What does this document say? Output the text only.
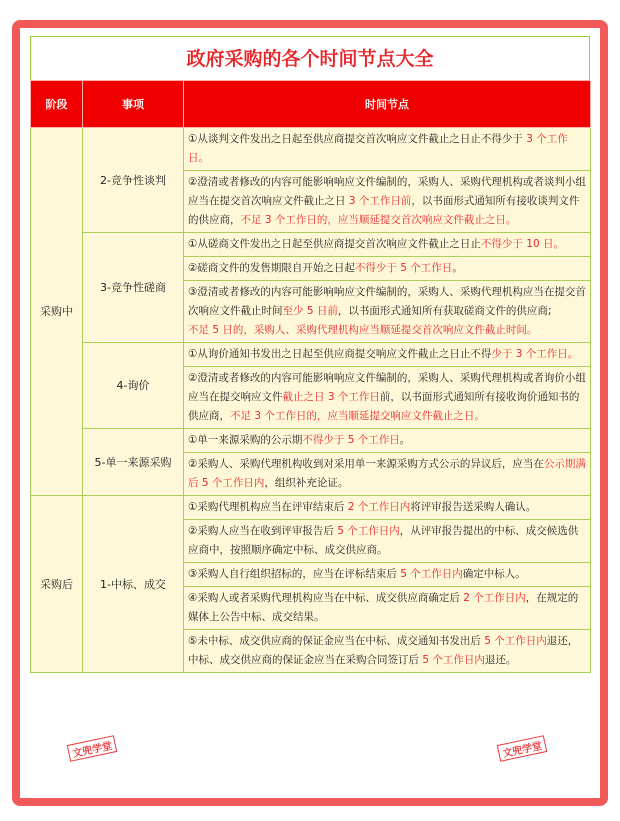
政府采购的各个时间节点大全
阶段	事项	时间节点
采购中	2-竞争性谈判	①从谈判文件发出之日起至供应商提交首次响应文件截止之日止不得少于 3 个工作日。
		②澄清或者修改的内容可能影响响应文件编制的，采购人、采购代理机构或者谈判小组应当在提交首次响应文件截止之日 3 个工作日前，以书面形式通知所有接收谈判文件的供应商，不足 3 个工作日的，应当顺延提交首次响应文件截止之日。
	3-竞争性磋商	①从磋商文件发出之日起至供应商提交首次响应文件截止之日止不得少于 10 日。
		②磋商文件的发售期限自开始之日起不得少于 5 个工作日。
		③澄清或者修改的内容可能影响响应文件编制的，采购人、采购代理机构应当在提交首次响应文件截止时间至少 5 日前，以书面形式通知所有获取磋商文件的供应商;
不足 5 日的，采购人、采购代理机构应当顺延提交首次响应文件截止时间。
	4-询价	①从询价通知书发出之日起至供应商提交响应文件截止之日止不得少于 3 个工作日。
		②澄清或者修改的内容可能影响响应文件编制的，采购人、采购代理机构或者询价小组应当在提交响应文件截止之日 3 个工作日前，以书面形式通知所有接收询价通知书的供应商，不足 3 个工作日的，应当顺延提交响应文件截止之日。
	5-单一来源采购	①单一来源采购的公示期不得少于 5 个工作日。
		②采购人、采购代理机构收到对采用单一来源采购方式公示的异议后，应当在公示期满后 5 个工作日内，组织补充论证。
采购后	1-中标、成交	①采购代理机构应当在评审结束后 2 个工作日内将评审报告送采购人确认。
		②采购人应当在收到评审报告后 5 个工作日内，从评审报告提出的中标、成交候选供应商中，按照顺序确定中标、成交供应商。
		③采购人自行组织招标的，应当在评标结束后 5 个工作日内确定中标人。
		④采购人或者采购代理机构应当在中标、成交供应商确定后 2 个工作日内，在规定的媒体上公告中标、成交结果。
		⑤未中标、成交供应商的保证金应当在中标、成交通知书发出后 5 个工作日内退还，中标、成交供应商的保证金应当在采购合同签订后 5 个工作日内退还。
文兜学堂	文兜学堂
